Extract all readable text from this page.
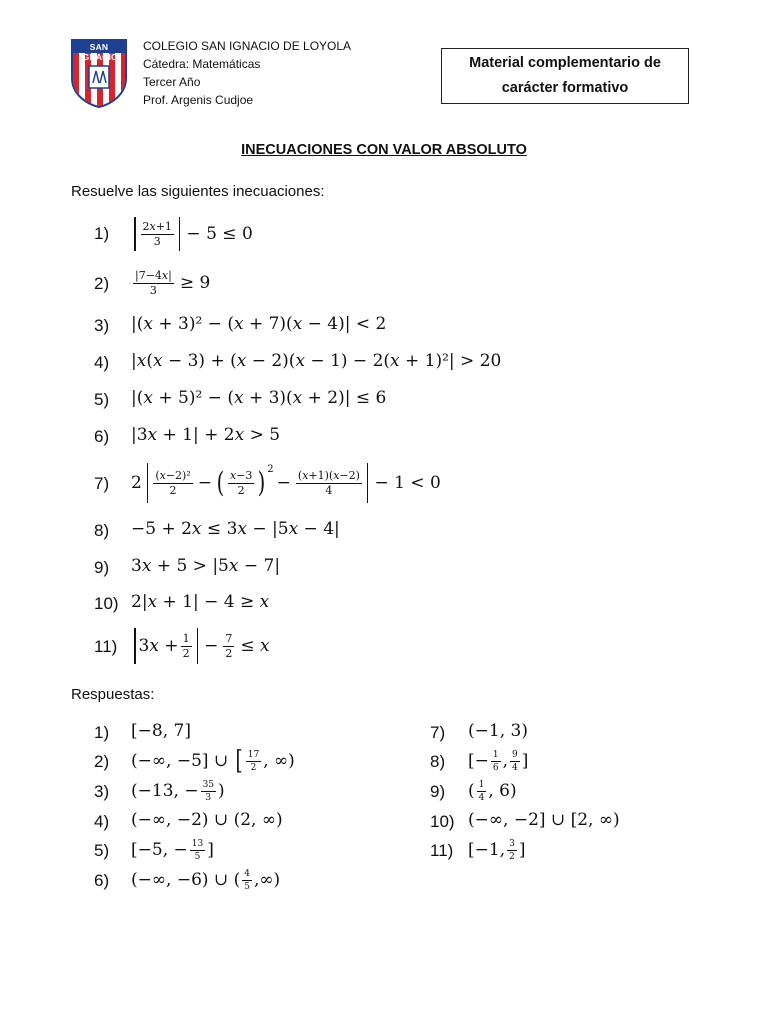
SAN IGNACIO
COLEGIO SAN IGNACIO DE LOYOLA
Cátedra: Matemáticas
Tercer Año
Prof. Argenis Cudjoe
Material complementario de
carácter formativo
INECUACIONES CON VALOR ABSOLUTO
Resuelve las siguientes inecuaciones:
1)	$\frac{\text{2𝑥+1}}{3} - 5 \le 0$
$2) \frac{\text{|7−4𝑥|}}{3} \ge 9$
3) |(𝑥 + 3)² − (𝑥 + 7)(𝑥 − 4)| < 2
4) |𝑥(𝑥 − 3) + (𝑥 − 2)(𝑥 − 1) − 2(𝑥 + 1)²| > 20
5) |(𝑥 + 5)² − (𝑥 + 3)(𝑥 + 2)| ≤ 6
6) |3𝑥 + 1| + 2𝑥 > 5
7) $2 \frac{\text{(𝑥−2)²}}{2}$ − ( $\frac{\text{𝑥−3}}{2}$ ) 2
− $\frac{\text{(𝑥+1)(𝑥−2)}}{4} - 1 < 0$
8) −5 + 2𝑥 ≤ 3𝑥 − |5𝑥 − 4|
9) 3𝑥 + 5 > |5𝑥 − 7|
10) 2|𝑥 + 1| − 4 ≥ 𝑥
11) 3𝑥 + $\frac{1}{2} - \frac{7}{2}$ ≤ 𝑥
Respuestas:
1) [−8, 7]
2) (−∞, −5] ∪ [ $\frac{17}{2}$ , ∞)
3) (−13, − $\frac{35}{3}$ )
4) (−∞, −2) ∪ (2, ∞)
5) [−5, − $\frac{13}{5}$ ]
6) (−∞, −6) ∪ ( $\frac{4}{5}$ ,∞)
7) (−1, 3)
8) [− $\frac{1}{6}$ , $\frac{9}{4}$ ]
9) ( $\frac{1}{4}$ , 6)
10) (−∞, −2] ∪ [2, ∞)
11) [−1, $\frac{3}{2}$ ]
